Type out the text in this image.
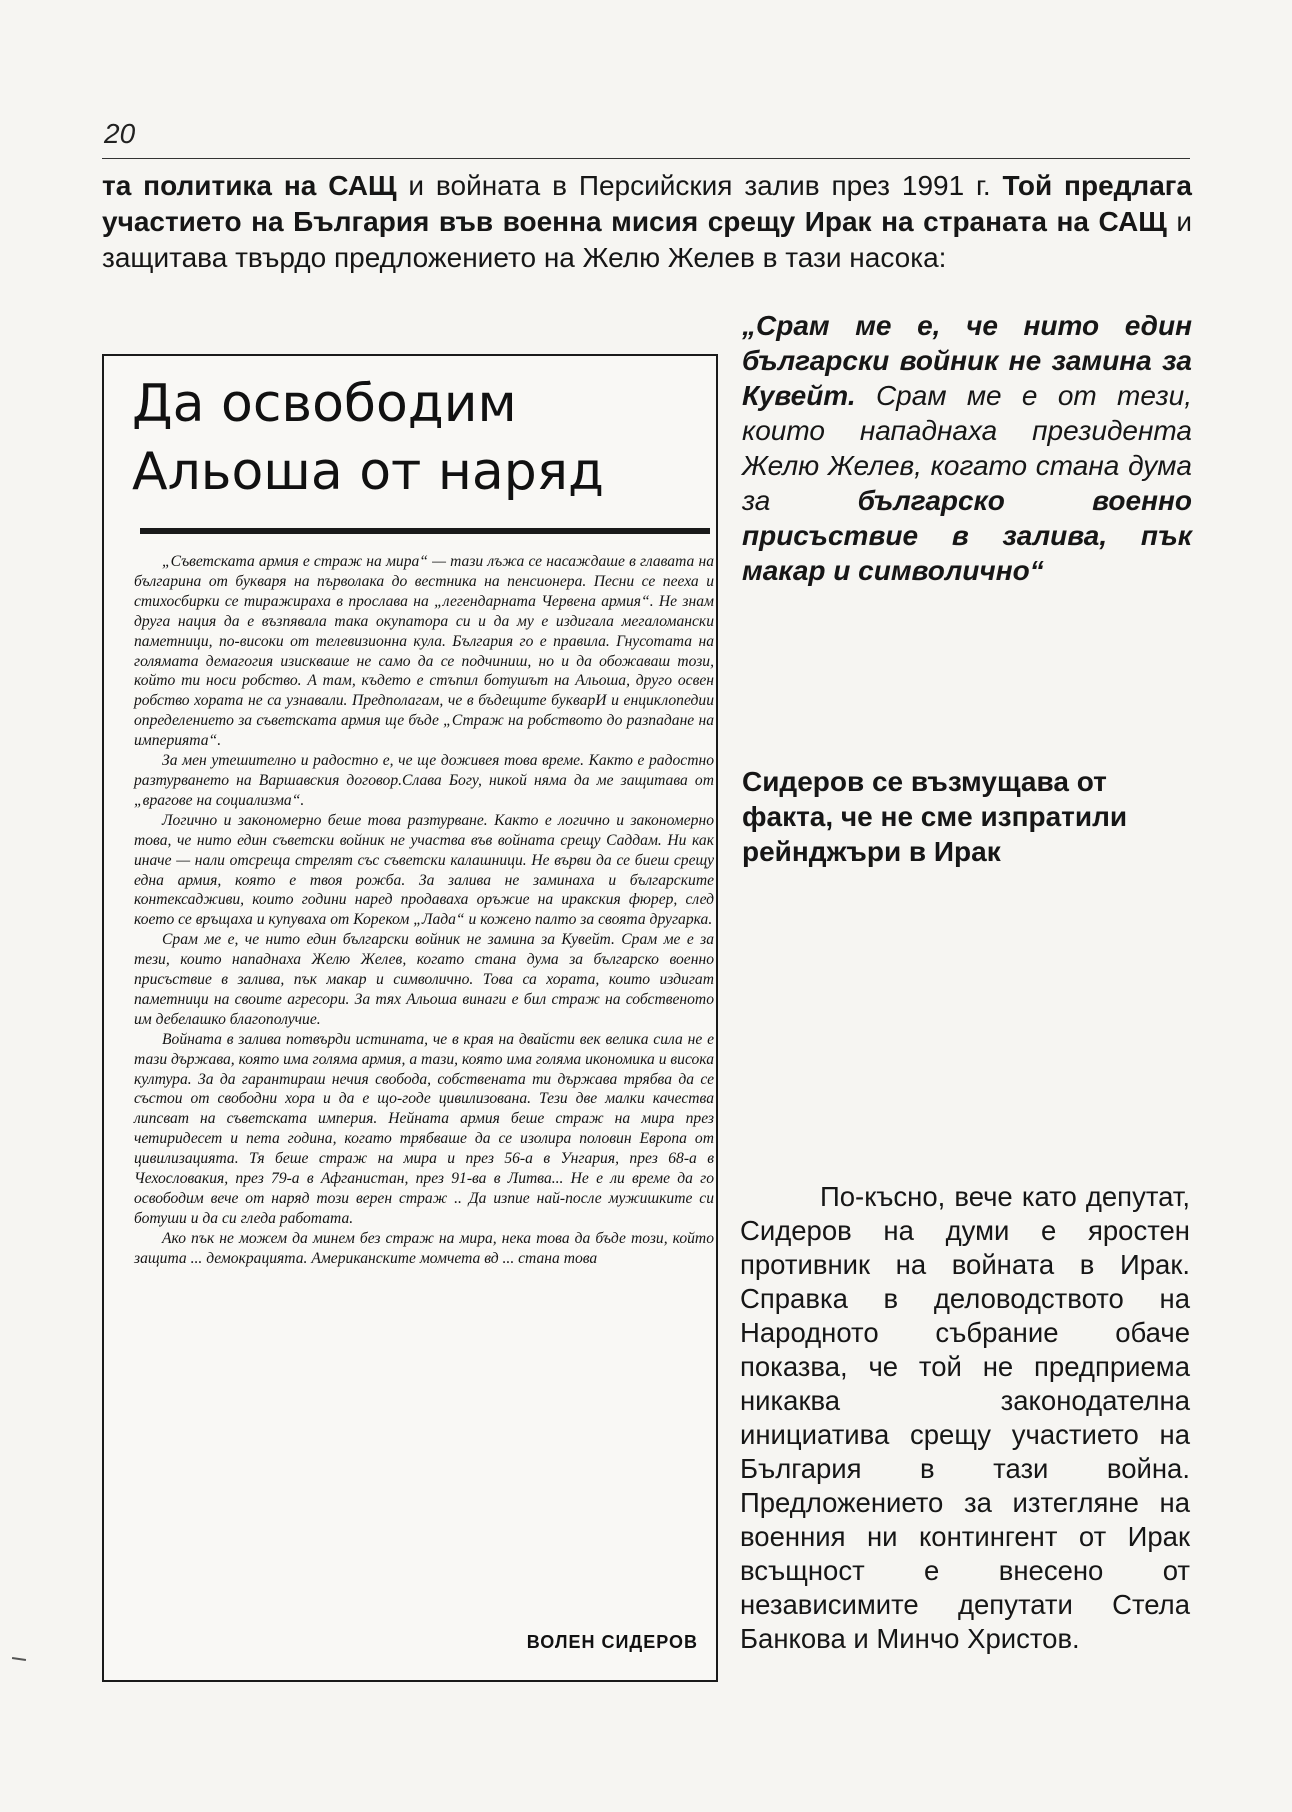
20
та политика на САЩ и войната в Персийския залив през 1991 г. Той предлага участието на България във военна мисия срещу Ирак на страната на САЩ и защитава твърдо предложението на Желю Желев в тази насока:
Да освободим
Альоша от наряд

„Съветската армия е страж на мира“ — тази лъжа се насаждаше в главата на българина от букваря на първолака до вестника на пенсионера. Песни се пееха и стихосбирки се тиражираха в прослава на „легендарната Червена армия“. Не знам друга нация да е възпявала така окупатора си и да му е издигала мегаломански паметници, по-високи от телевизионна кула. България го е правила. Гнусотата на голямата демагогия изискваше не само да се подчиниш, но и да обожаваш този, който ти носи робство. А там, където е стъпил ботушът на Альоша, друго освен робство хората не са узнавали. Предполагам, че в бъдещите букварИ и енциклопедии определението за съветската армия ще бъде „Страж на робството до разпадане на империята“.

За мен утешително и радостно е, че ще доживея това време. Както е радостно разтурването на Варшавския договор.Слава Богу, никой няма да ме защитава от „врагове на социализма“.

Логично и закономерно беше това разтурване. Както е логично и закономерно това, че нито един съветски войник не участва във войната срещу Саддам. Ни как иначе — нали отсреща стрелят със съветски калашници. Не върви да се биеш срещу една армия, която е твоя рожба. За залива не заминаха и българските контексадживи, които години наред продаваха оръжие на иракския фюрер, след което се връщаха и купуваха от Кореком „Лада“ и кожено палто за своята другарка.

Срам ме е, че нито един български войник не замина за Кувейт. Срам ме е за тези, които нападнаха Желю Желев, когато стана дума за българско военно присъствие в залива, пък макар и символично. Това са хората, които издигат паметници на своите агресори. За тях Альоша винаги е бил страж на собственото им дебелашко благополучие.

Войната в залива потвърди истината, че в края на двайсти век великa сила не е тази държава, която има голяма армия, а тази, която има голяма икономика и висока култура. За да гарантираш нечия свобода, собствената ти държава трябва да се състои от свободни хора и да е що-годе цивилизована. Тези две малки качества липсват на съветската империя. Нейната армия беше страж на мира през четиридесет и пета година, когато трябваше да се изолира половин Европа от цивилизацията. Тя беше страж на мира и през 56-а в Унгария, през 68-а в Чехословакия, през 79-а в Афганистан, през 91-ва в Литва... Не е ли време да го освободим вече от наряд този верен страж .. Да изпие най-после мужишките си ботуши и да си гледа работата.

Ако пък не можем да минем без страж на мира, нека това да бъде този, който защита ... демокрацията. Американските момчета вд ... стана това

ВОЛЕН СИДЕРОВ
„Срам ме е, че нито един български войник не замина за Кувейт. Срам ме е от тези, които нападнаха президента Желю Желев, когато стана дума за българско военно присъствие в залива, пък макар и символично“
Сидеров се възмущава от факта, че не сме изпратили рейнджъри в Ирак
По-късно, вече като депутат, Сидеров на думи е яростен противник на войната в Ирак. Справка в деловодството на Народното събрание обаче показва, че той не предприема никаква законодателна инициатива срещу участието на България в тази война. Предложението за изтегляне на военния ни контингент от Ирак всъщност е внесено от независимите депутати Стела Банкова и Минчо Христов.
